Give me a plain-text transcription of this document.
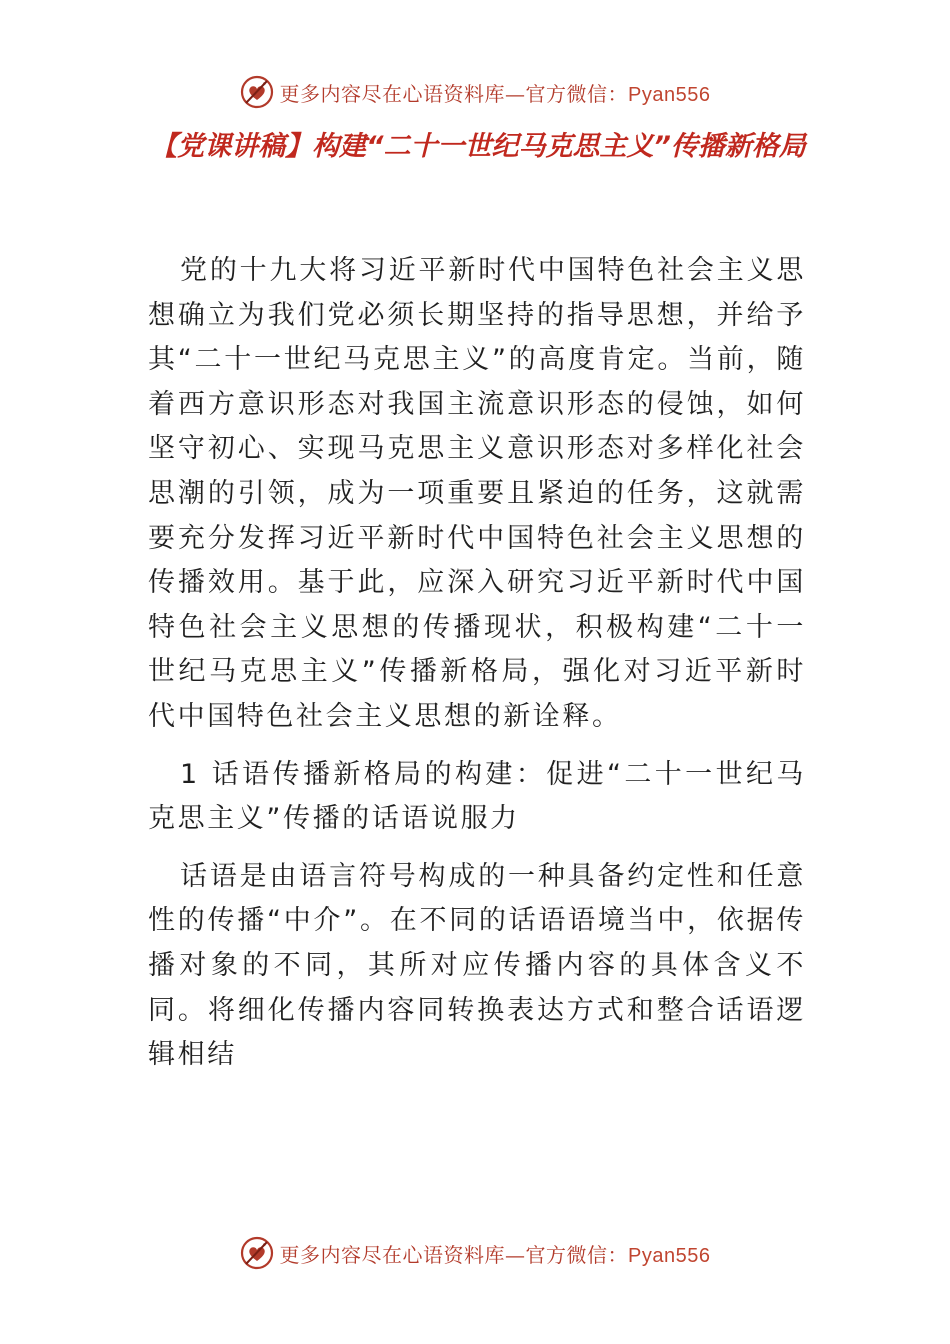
更多内容尽在心语资料库—官方微信：Pyan556
【党课讲稿】构建“二十一世纪马克思主义”传播新格局

党的十九大将习近平新时代中国特色社会主义思想确立为我们党必须长期坚持的指导思想，并给予其“二十一世纪马克思主义”的高度肯定。当前，随着西方意识形态对我国主流意识形态的侵蚀，如何坚守初心、实现马克思主义意识形态对多样化社会思潮的引领，成为一项重要且紧迫的任务，这就需要充分发挥习近平新时代中国特色社会主义思想的传播效用。基于此，应深入研究习近平新时代中国特色社会主义思想的传播现状，积极构建“二十一世纪马克思主义”传播新格局，强化对习近平新时代中国特色社会主义思想的新诠释。

1 话语传播新格局的构建：促进“二十一世纪马克思主义”传播的话语说服力

话语是由语言符号构成的一种具备约定性和任意性的传播“中介”。在不同的话语语境当中，依据传播对象的不同，其所对应传播内容的具体含义不同。将细化传播内容同转换表达方式和整合话语逻辑相结

更多内容尽在心语资料库—官方微信：Pyan556
